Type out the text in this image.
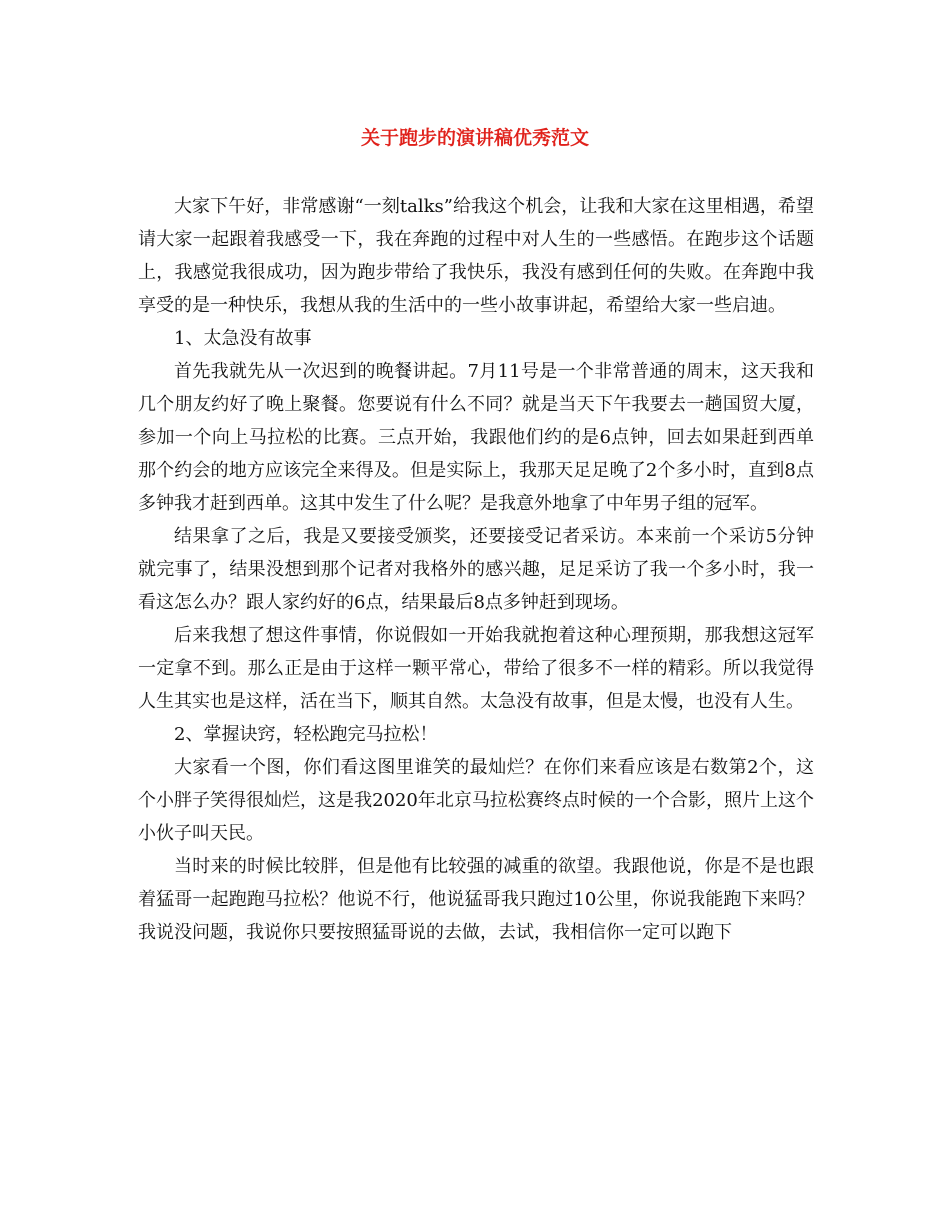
关于跑步的演讲稿优秀范文

大家下午好，非常感谢“一刻talks”给我这个机会，让我和大家在这里相遇，希望请大家一起跟着我感受一下，我在奔跑的过程中对人生的一些感悟。在跑步这个话题上，我感觉我很成功，因为跑步带给了我快乐，我没有感到任何的失败。在奔跑中我享受的是一种快乐，我想从我的生活中的一些小故事讲起，希望给大家一些启迪。

1、太急没有故事

首先我就先从一次迟到的晚餐讲起。7月11号是一个非常普通的周末，这天我和几个朋友约好了晚上聚餐。您要说有什么不同？就是当天下午我要去一趟国贸大厦，参加一个向上马拉松的比赛。三点开始，我跟他们约的是6点钟，回去如果赶到西单那个约会的地方应该完全来得及。但是实际上，我那天足足晚了2个多小时，直到8点多钟我才赶到西单。这其中发生了什么呢？是我意外地拿了中年男子组的冠军。

结果拿了之后，我是又要接受颁奖，还要接受记者采访。本来前一个采访5分钟就完事了，结果没想到那个记者对我格外的感兴趣，足足采访了我一个多小时，我一看这怎么办？跟人家约好的6点，结果最后8点多钟赶到现场。

后来我想了想这件事情，你说假如一开始我就抱着这种心理预期，那我想这冠军一定拿不到。那么正是由于这样一颗平常心，带给了很多不一样的精彩。所以我觉得人生其实也是这样，活在当下，顺其自然。太急没有故事，但是太慢，也没有人生。

2、掌握诀窍，轻松跑完马拉松！

大家看一个图，你们看这图里谁笑的最灿烂？在你们来看应该是右数第2个，这个小胖子笑得很灿烂，这是我2020年北京马拉松赛终点时候的一个合影，照片上这个小伙子叫天民。

当时来的时候比较胖，但是他有比较强的减重的欲望。我跟他说，你是不是也跟着猛哥一起跑跑马拉松？他说不行，他说猛哥我只跑过10公里，你说我能跑下来吗？我说没问题，我说你只要按照猛哥说的去做，去试，我相信你一定可以跑下
